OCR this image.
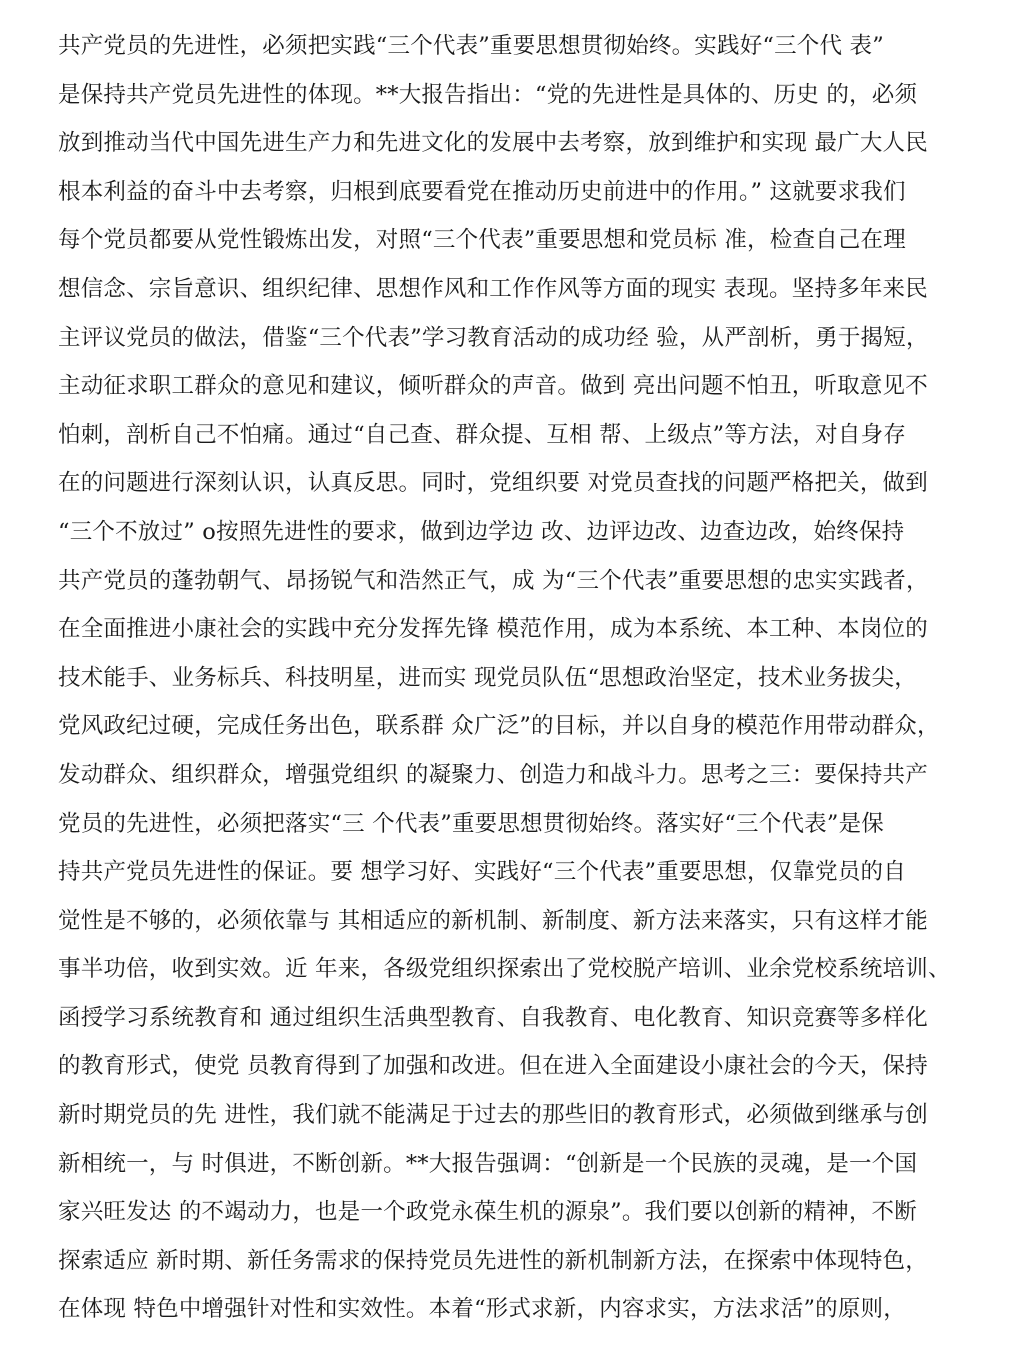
共产党员的先进性，必须把实践“三个代表”重要思想贯彻始终。实践好“三个代 表”
是保持共产党员先进性的体现。**大报告指出：“党的先进性是具体的、历史 的，必须
放到推动当代中国先进生产力和先进文化的发展中去考察，放到维护和实现 最广大人民
根本利益的奋斗中去考察，归根到底要看党在推动历史前进中的作用。” 这就要求我们
每个党员都要从党性锻炼出发，对照“三个代表”重要思想和党员标 准，检查自己在理
想信念、宗旨意识、组织纪律、思想作风和工作作风等方面的现实 表现。坚持多年来民
主评议党员的做法，借鉴“三个代表”学习教育活动的成功经 验，从严剖析，勇于揭短，
主动征求职工群众的意见和建议，倾听群众的声音。做到 亮出问题不怕丑，听取意见不
怕刺，剖析自己不怕痛。通过“自己查、群众提、互相 帮、上级点”等方法，对自身存
在的问题进行深刻认识，认真反思。同时，党组织要 对党员查找的问题严格把关，做到
“三个不放过” o按照先进性的要求，做到边学边 改、边评边改、边查边改，始终保持
共产党员的蓬勃朝气、昂扬锐气和浩然正气，成 为“三个代表”重要思想的忠实实践者，
在全面推进小康社会的实践中充分发挥先锋 模范作用，成为本系统、本工种、本岗位的
技术能手、业务标兵、科技明星，进而实 现党员队伍“思想政治坚定，技术业务拔尖，
党风政纪过硬，完成任务出色，联系群 众广泛”的目标，并以自身的模范作用带动群众，
发动群众、组织群众，增强党组织 的凝聚力、创造力和战斗力。思考之三：要保持共产
党员的先进性，必须把落实“三 个代表”重要思想贯彻始终。落实好“三个代表”是保
持共产党员先进性的保证。要 想学习好、实践好“三个代表”重要思想，仅靠党员的自
觉性是不够的，必须依靠与 其相适应的新机制、新制度、新方法来落实，只有这样才能
事半功倍，收到实效。近 年来，各级党组织探索出了党校脱产培训、业余党校系统培训、
函授学习系统教育和 通过组织生活典型教育、自我教育、电化教育、知识竞赛等多样化
的教育形式，使党 员教育得到了加强和改进。但在进入全面建设小康社会的今天，保持
新时期党员的先 进性，我们就不能满足于过去的那些旧的教育形式，必须做到继承与创
新相统一，与 时俱进，不断创新。**大报告强调：“创新是一个民族的灵魂，是一个国
家兴旺发达 的不竭动力，也是一个政党永葆生机的源泉”。我们要以创新的精神，不断
探索适应 新时期、新任务需求的保持党员先进性的新机制新方法，在探索中体现特色，
在体现 特色中增强针对性和实效性。本着“形式求新，内容求实，方法求活”的原则，
